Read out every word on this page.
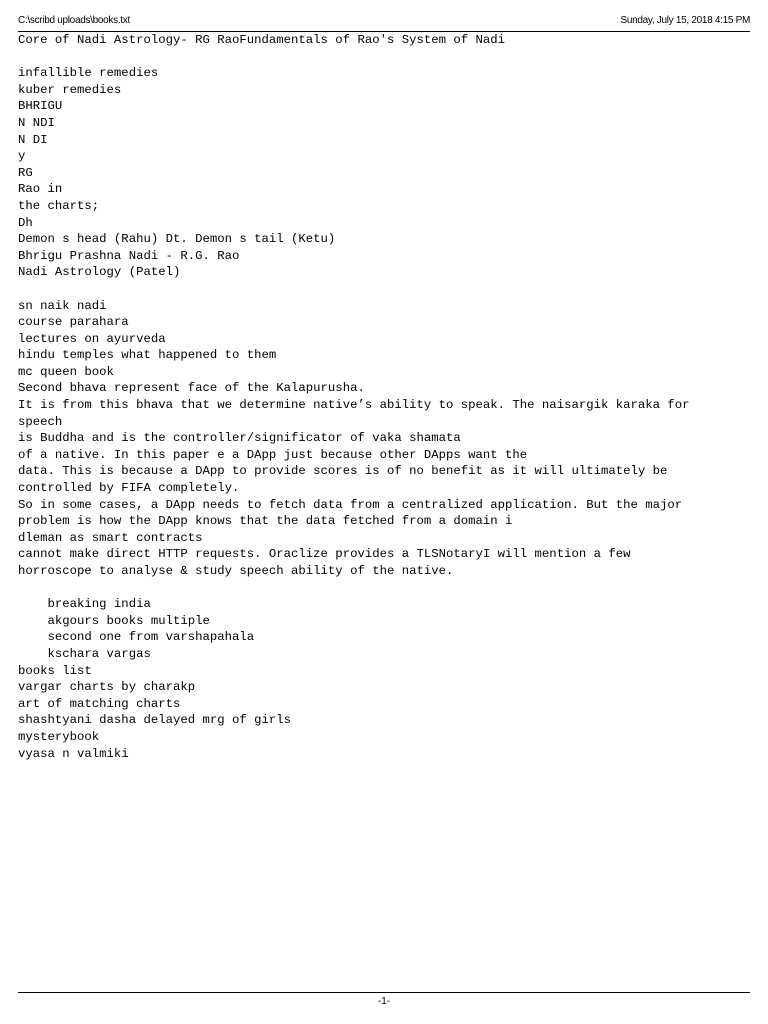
C:\scribd uploads\books.txt	Sunday, July 15, 2018 4:15 PM
Core of Nadi Astrology- RG RaoFundamentals of Rao's System of Nadi
infallible remedies
kuber remedies
BHRIGU
N NDI
N DI
y
RG
Rao in
the charts;
Dh
Demon s head (Rahu) Dt. Demon s tail (Ketu)
Bhrigu Prashna Nadi - R.G. Rao
Nadi Astrology (Patel)
sn naik nadi
course parahara
lectures on ayurveda
hindu temples what happened to them
mc queen book
Second bhava represent face of the Kalapurusha.
It is from this bhava that we determine native’s ability to speak. The naisargik karaka for
speech
is Buddha and is the controller/significator of vaka shamata
of a native. In this paper e a DApp just because other DApps want the
data. This is because a DApp to provide scores is of no benefit as it will ultimately be
controlled by FIFA completely.
So in some cases, a DApp needs to fetch data from a centralized application. But the major
problem is how the DApp knows that the data fetched from a domain i
dleman as smart contracts
cannot make direct HTTP requests. Oraclize provides a TLSNotaryI will mention a few
horroscope to analyse & study speech ability of the native.
breaking india
akgours books multiple
second one from varshapahala
kschara vargas
books list
vargar charts by charakp
art of matching charts
shashtyani dasha delayed mrg of girls
mysterybook
vyasa n valmiki
-1-
